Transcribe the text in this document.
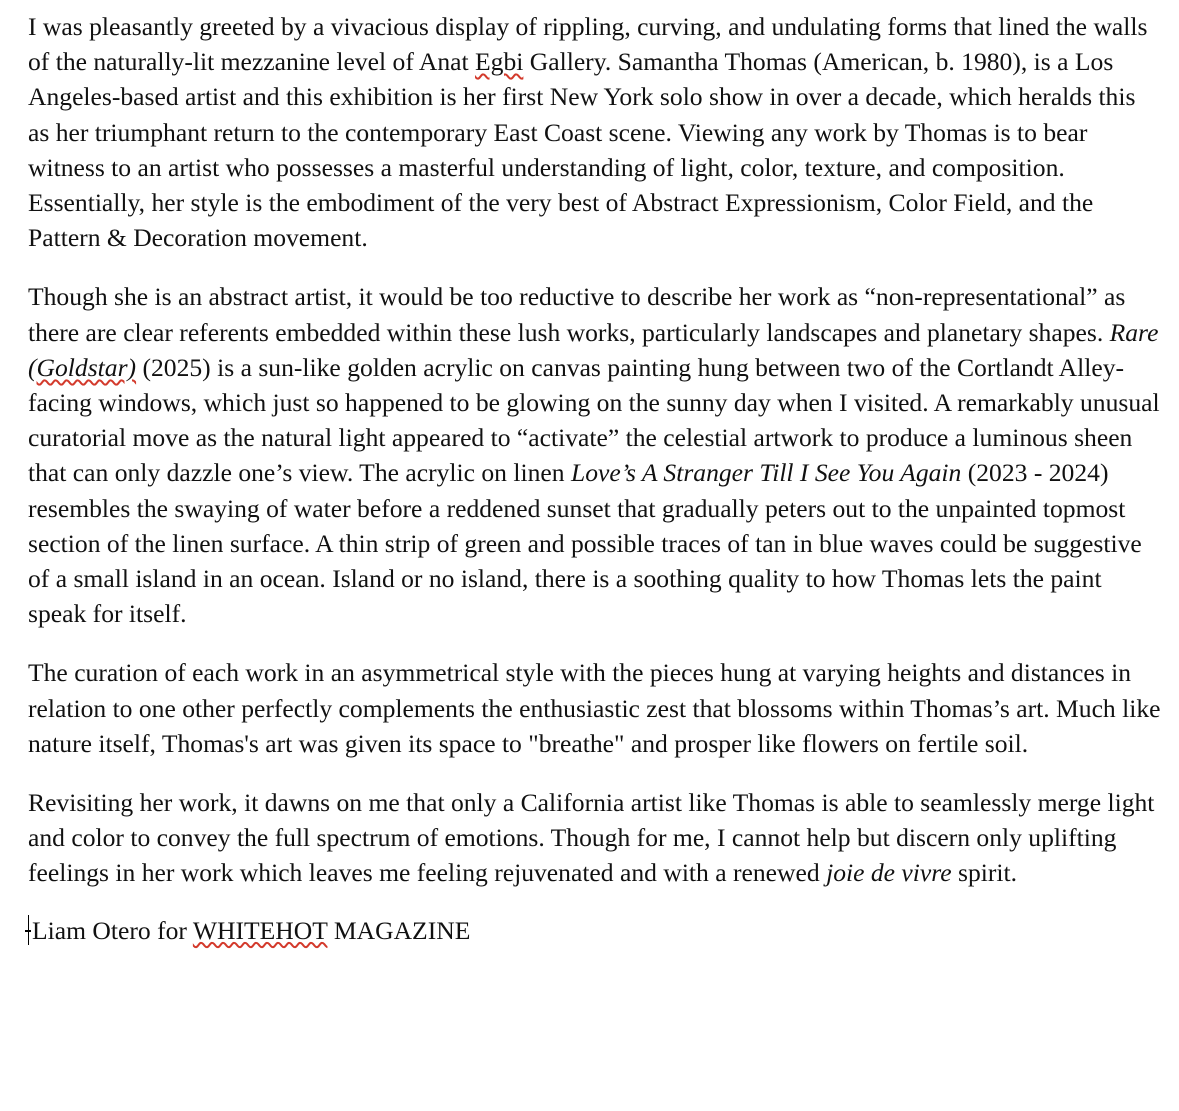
I was pleasantly greeted by a vivacious display of rippling, curving, and undulating forms that lined the walls of the naturally-lit mezzanine level of Anat Egbi Gallery. Samantha Thomas (American, b. 1980), is a Los Angeles-based artist and this exhibition is her first New York solo show in over a decade, which heralds this as her triumphant return to the contemporary East Coast scene. Viewing any work by Thomas is to bear witness to an artist who possesses a masterful understanding of light, color, texture, and composition. Essentially, her style is the embodiment of the very best of Abstract Expressionism, Color Field, and the Pattern & Decoration movement.

Though she is an abstract artist, it would be too reductive to describe her work as “non-representational” as there are clear referents embedded within these lush works, particularly landscapes and planetary shapes. Rare (Goldstar) (2025) is a sun-like golden acrylic on canvas painting hung between two of the Cortlandt Alley-facing windows, which just so happened to be glowing on the sunny day when I visited. A remarkably unusual curatorial move as the natural light appeared to “activate” the celestial artwork to produce a luminous sheen that can only dazzle one’s view. The acrylic on linen Love’s A Stranger Till I See You Again (2023 - 2024) resembles the swaying of water before a reddened sunset that gradually peters out to the unpainted topmost section of the linen surface. A thin strip of green and possible traces of tan in blue waves could be suggestive of a small island in an ocean. Island or no island, there is a soothing quality to how Thomas lets the paint speak for itself.

The curation of each work in an asymmetrical style with the pieces hung at varying heights and distances in relation to one other perfectly complements the enthusiastic zest that blossoms within Thomas’s art. Much like nature itself, Thomas's art was given its space to "breathe" and prosper like flowers on fertile soil.

Revisiting her work, it dawns on me that only a California artist like Thomas is able to seamlessly merge light and color to convey the full spectrum of emotions. Though for me, I cannot help but discern only uplifting feelings in her work which leaves me feeling rejuvenated and with a renewed joie de vivre spirit.

Liam Otero for WHITEHOT MAGAZINE
